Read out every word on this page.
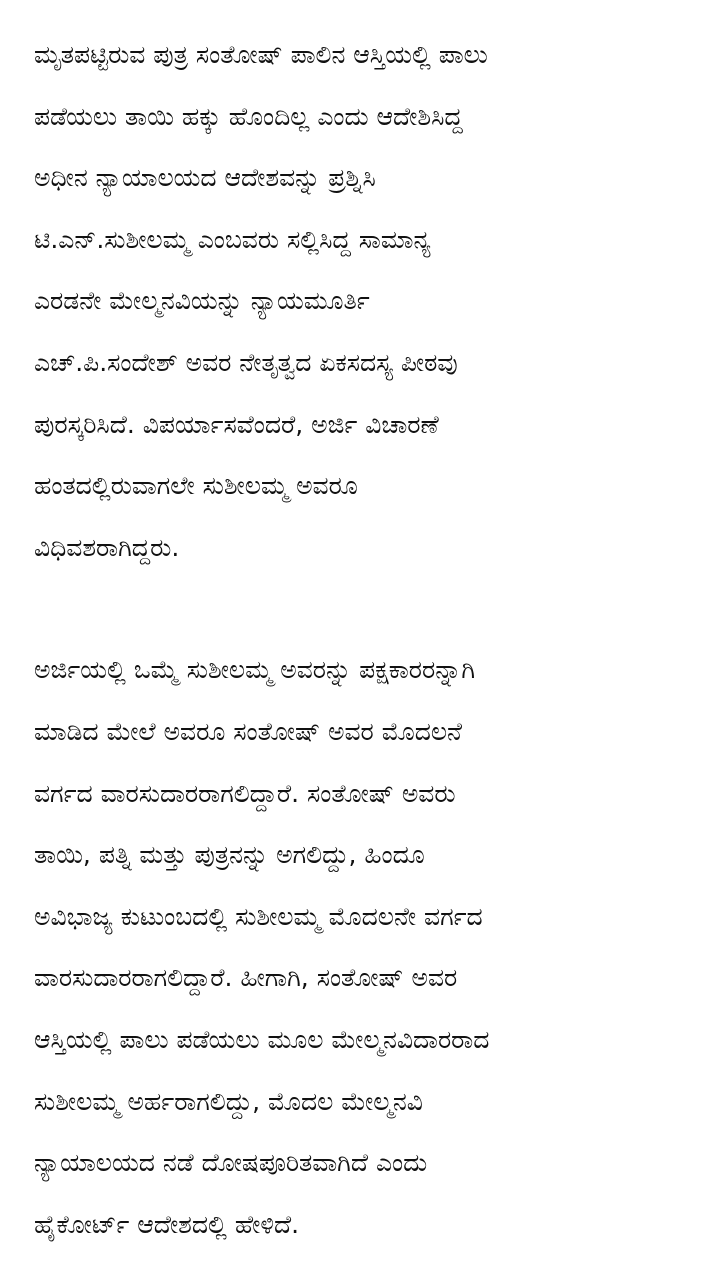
ಮೃತಪಟ್ಟಿರುವ ಪುತ್ರ ಸಂತೋಷ್ ಪಾಲಿನ ಆಸ್ತಿಯಲ್ಲಿ ಪಾಲು
ಪಡೆಯಲು ತಾಯಿ ಹಕ್ಕು ಹೊಂದಿಲ್ಲ ಎಂದು ಆದೇಶಿಸಿದ್ದ
ಅಧೀನ ನ್ಯಾಯಾಲಯದ ಆದೇಶವನ್ನು ಪ್ರಶ್ನಿಸಿ
ಟಿ.ಎನ್.ಸುಶೀಲಮ್ಮ ಎಂಬವರು ಸಲ್ಲಿಸಿದ್ದ ಸಾಮಾನ್ಯ
ಎರಡನೇ ಮೇಲ್ಮನವಿಯನ್ನು ನ್ಯಾಯಮೂರ್ತಿ
ಎಚ್.ಪಿ.ಸಂದೇಶ್ ಅವರ ನೇತೃತ್ವದ ಏಕಸದಸ್ಯ ಪೀಠವು
ಪುರಸ್ಕರಿಸಿದೆ. ವಿಪರ್ಯಾಸವೆಂದರೆ, ಅರ್ಜಿ ವಿಚಾರಣೆ
ಹಂತದಲ್ಲಿರುವಾಗಲೇ ಸುಶೀಲಮ್ಮ ಅವರೂ
ವಿಧಿವಶರಾಗಿದ್ದರು.

ಅರ್ಜಿಯಲ್ಲಿ ಒಮ್ಮೆ ಸುಶೀಲಮ್ಮ ಅವರನ್ನು ಪಕ್ಷಕಾರರನ್ನಾಗಿ
ಮಾಡಿದ ಮೇಲೆ ಅವರೂ ಸಂತೋಷ್ ಅವರ ಮೊದಲನೆ
ವರ್ಗದ ವಾರಸುದಾರರಾಗಲಿದ್ದಾರೆ. ಸಂತೋಷ್ ಅವರು
ತಾಯಿ, ಪತ್ನಿ ಮತ್ತು ಪುತ್ರನನ್ನು ಅಗಲಿದ್ದು, ಹಿಂದೂ
ಅವಿಭಾಜ್ಯ ಕುಟುಂಬದಲ್ಲಿ ಸುಶೀಲಮ್ಮ ಮೊದಲನೇ ವರ್ಗದ
ವಾರಸುದಾರರಾಗಲಿದ್ದಾರೆ. ಹೀಗಾಗಿ, ಸಂತೋಷ್ ಅವರ
ಆಸ್ತಿಯಲ್ಲಿ ಪಾಲು ಪಡೆಯಲು ಮೂಲ ಮೇಲ್ಮನವಿದಾರರಾದ
ಸುಶೀಲಮ್ಮ ಅರ್ಹರಾಗಲಿದ್ದು, ಮೊದಲ ಮೇಲ್ಮನವಿ
ನ್ಯಾಯಾಲಯದ ನಡೆ ದೋಷಪೂರಿತವಾಗಿದೆ ಎಂದು
ಹೈಕೋರ್ಟ್ ಆದೇಶದಲ್ಲಿ ಹೇಳಿದೆ.
